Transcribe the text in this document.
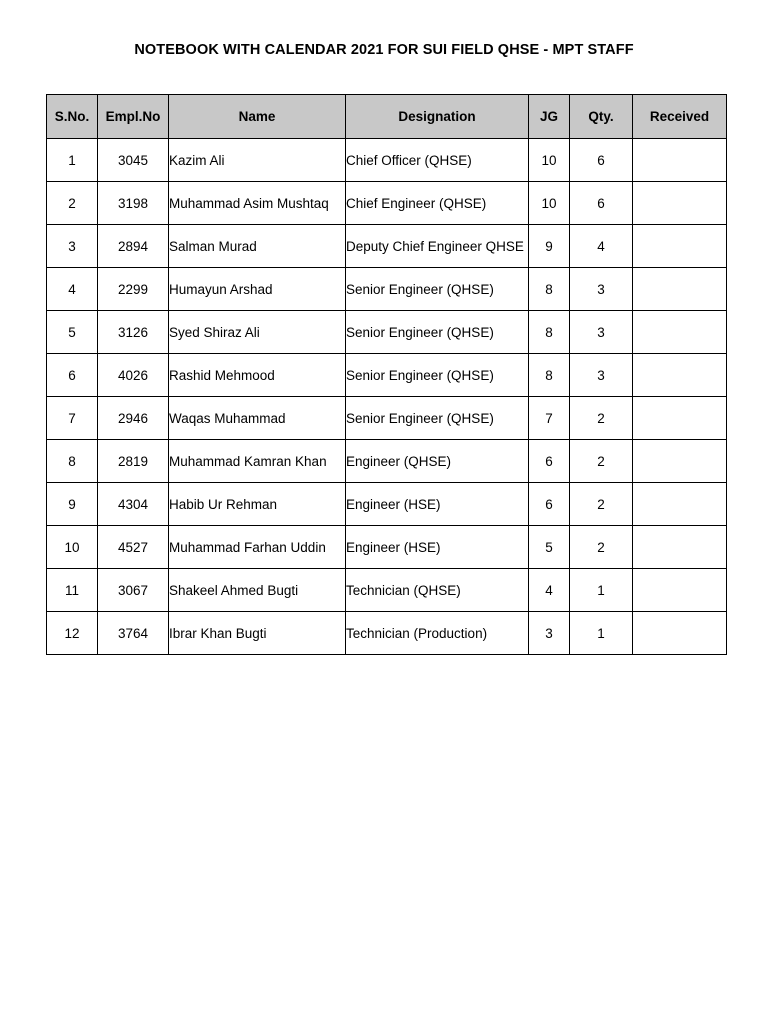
NOTEBOOK WITH CALENDAR 2021 FOR SUI FIELD QHSE - MPT STAFF
S.No.	Empl.No	Name	Designation	JG	Qty.	Received
1	3045	Kazim Ali	Chief Officer (QHSE)	10	6	
2	3198	Muhammad Asim Mushtaq	Chief Engineer (QHSE)	10	6	
3	2894	Salman Murad	Deputy Chief Engineer QHSE	9	4	
4	2299	Humayun Arshad	Senior Engineer (QHSE)	8	3	
5	3126	Syed Shiraz Ali	Senior Engineer (QHSE)	8	3	
6	4026	Rashid Mehmood	Senior Engineer (QHSE)	8	3	
7	2946	Waqas Muhammad	Senior Engineer (QHSE)	7	2	
8	2819	Muhammad Kamran Khan	Engineer (QHSE)	6	2	
9	4304	Habib Ur Rehman	Engineer (HSE)	6	2	
10	4527	Muhammad Farhan Uddin	Engineer (HSE)	5	2	
11	3067	Shakeel Ahmed Bugti	Technician (QHSE)	4	1	
12	3764	Ibrar Khan Bugti	Technician (Production)	3	1	
